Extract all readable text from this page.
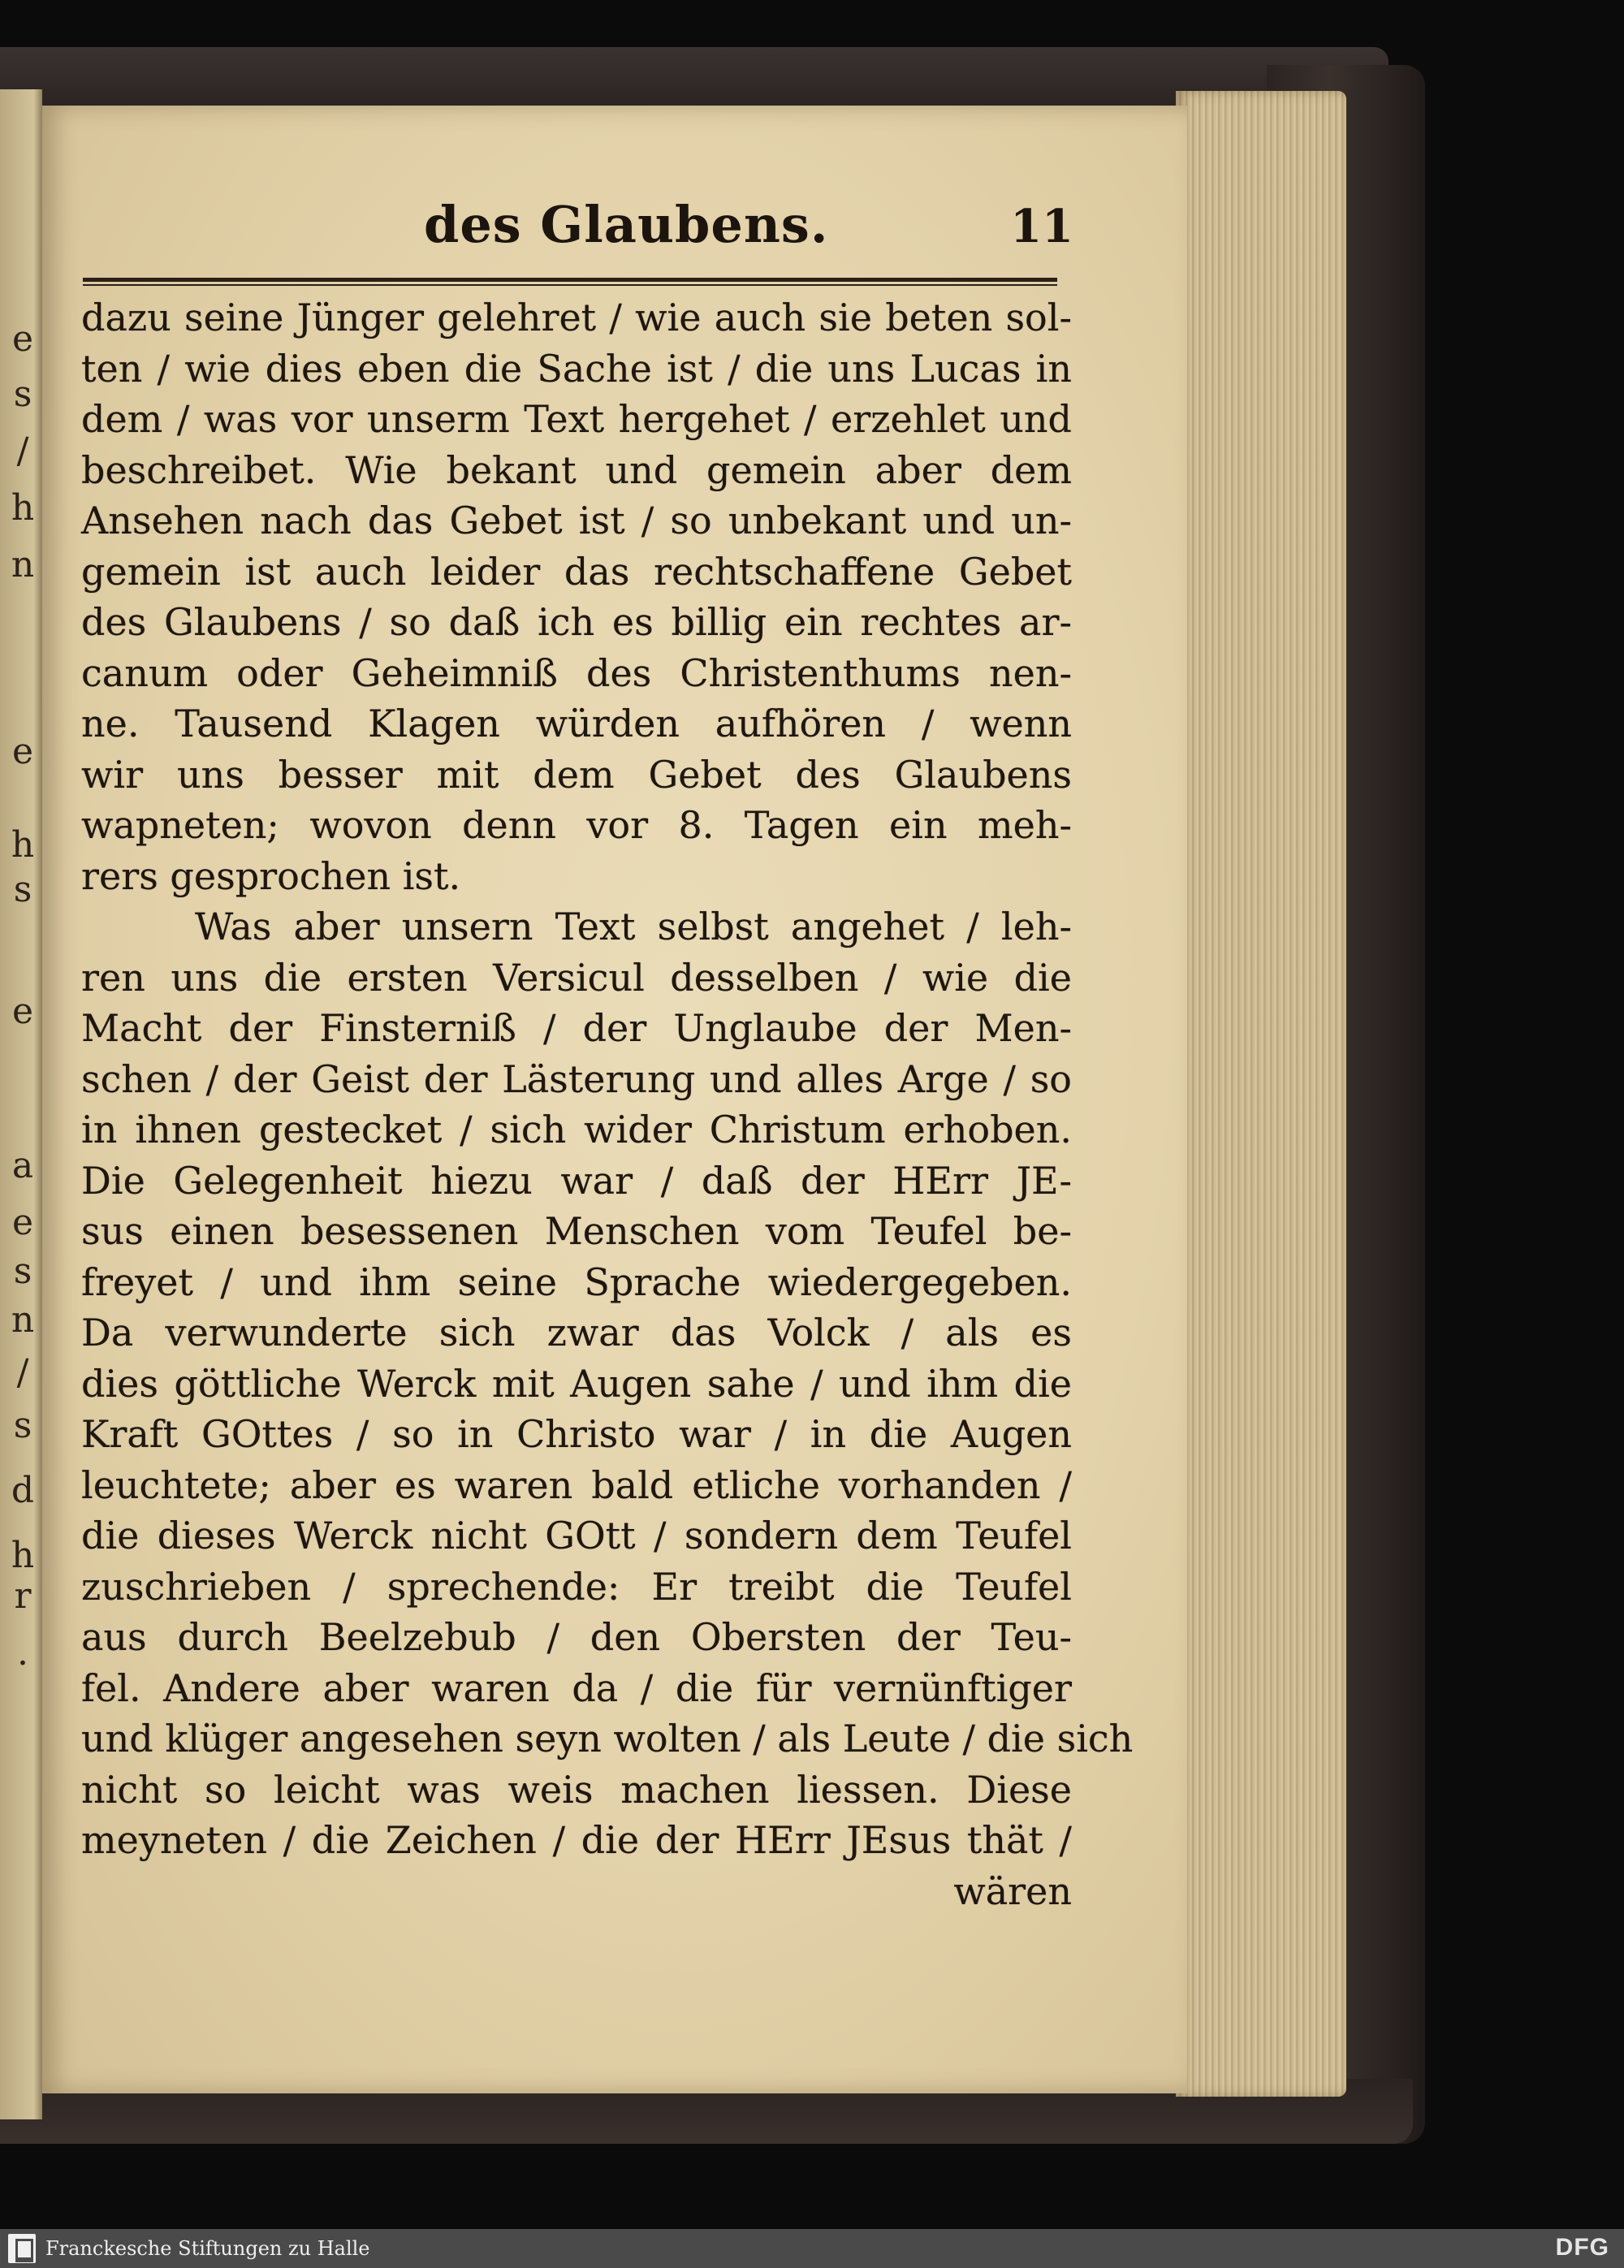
e
s
/
h
n
e
h
s
e
a
e
s
n
/
s
d
h
r
.
des Glaubens.	11
dazu seine Jünger gelehret / wie auch sie beten sol-
ten / wie dies eben die Sache ist / die uns Lucas in
dem / was vor unserm Text hergehet / erzehlet und
beschreibet. Wie bekant und gemein aber dem
Ansehen nach das Gebet ist / so unbekant und un-
gemein ist auch leider das rechtschaffene Gebet
des Glaubens / so daß ich es billig ein rechtes ar-
canum oder Geheimniß des Christenthums nen-
ne. Tausend Klagen würden aufhören / wenn
wir uns besser mit dem Gebet des Glaubens
wapneten; wovon denn vor 8. Tagen ein meh-
rers gesprochen ist.
Was aber unsern Text selbst angehet / leh-
ren uns die ersten Versicul desselben / wie die
Macht der Finsterniß / der Unglaube der Men-
schen / der Geist der Lästerung und alles Arge / so
in ihnen gestecket / sich wider Christum erhoben.
Die Gelegenheit hiezu war / daß der HErr JE-
sus einen besessenen Menschen vom Teufel be-
freyet / und ihm seine Sprache wiedergegeben.
Da verwunderte sich zwar das Volck / als es
dies göttliche Werck mit Augen sahe / und ihm die
Kraft GOttes / so in Christo war / in die Augen
leuchtete; aber es waren bald etliche vorhanden /
die dieses Werck nicht GOtt / sondern dem Teufel
zuschrieben / sprechende: Er treibt die Teufel
aus durch Beelzebub / den Obersten der Teu-
fel. Andere aber waren da / die für vernünftiger
und klüger angesehen seyn wolten / als Leute / die sich
nicht so leicht was weis machen liessen. Diese
meyneten / die Zeichen / die der HErr JEsus thät /
wären
Franckesche Stiftungen zu Halle	DFG
